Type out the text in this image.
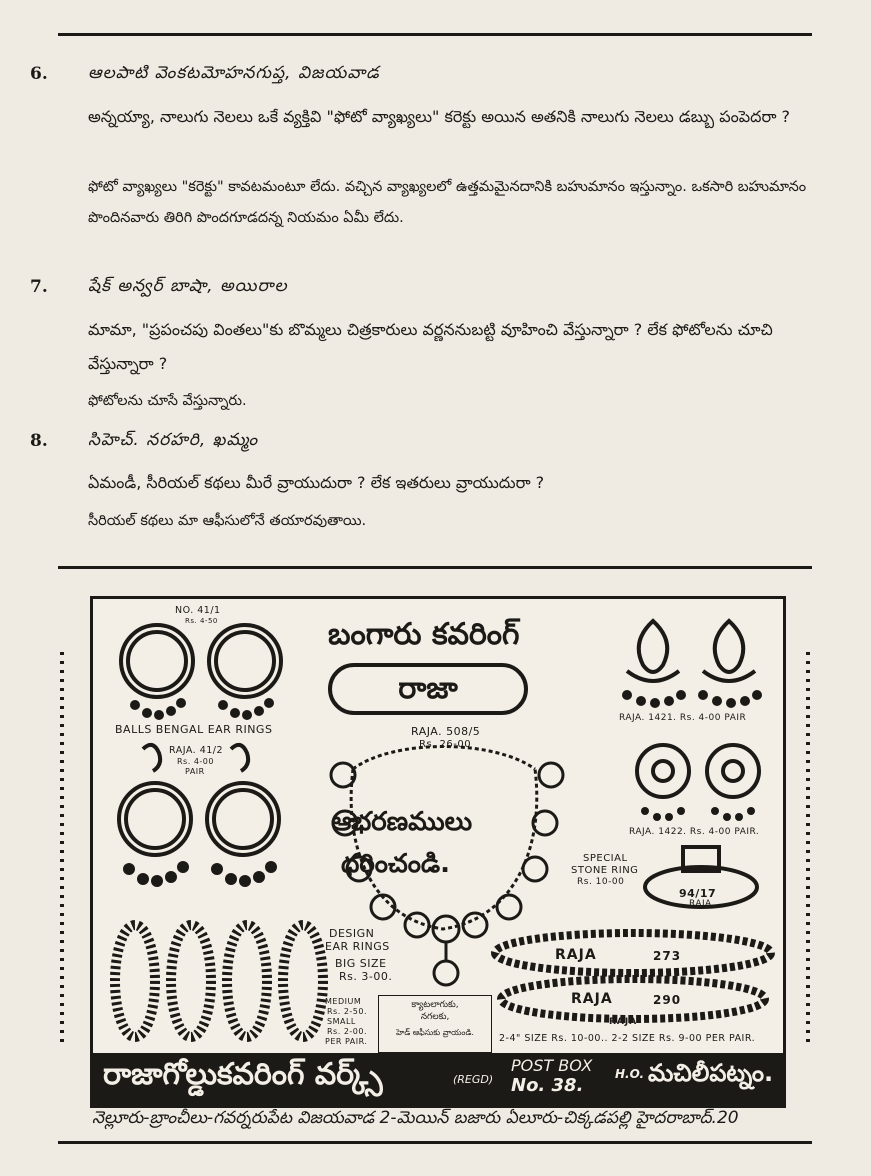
6. ఆలపాటి వెంకటమోహనగుప్త, విజయవాడ
అన్నయ్యా, నాలుగు నెలలు ఒకే వ్యక్తివి "ఫోటో వ్యాఖ్యలు" కరెక్టు అయిన అతనికి నాలుగు నెలలు డబ్బు పంపెదరా ?
ఫోటో వ్యాఖ్యలు "కరెక్టు" కావటమంటూ లేదు. వచ్చిన వ్యాఖ్యలలో ఉత్తమమైనదానికి బహుమానం ఇస్తున్నాం. ఒకసారి బహుమానం పొందినవారు తిరిగి పొందగూడదన్న నియమం ఏమీ లేదు.
7. షేక్ అన్వర్ బాషా, అయిరాల
మామా, "ప్రపంచపు వింతలు"కు బొమ్మలు చిత్రకారులు వర్ణననుబట్టి వూహించి వేస్తున్నారా ? లేక ఫోటోలను చూచి వేస్తున్నారా ?
ఫోటోలను చూసే వేస్తున్నారు.
8. సిహెచ్. నరహరి, ఖమ్మం
ఏమండీ, సీరియల్ కథలు మీరే వ్రాయుదురా ? లేక ఇతరులు వ్రాయుదురా ?
సీరియల్ కథలు మా ఆఫీసులోనే తయారవుతాయి.
NO. 41/1
Rs. 4-50
BALLS BENGAL EAR RINGS
RAJA. 41/2
Rs. 4-00
PAIR
DESIGN
EAR RINGS
BIG SIZE
Rs. 3-00.
MEDIUM
Rs. 2-50.
SMALL
Rs. 2-00.
PER PAIR.
క్యాటలాగుకు,
నగలకు,
హెడ్ ఆఫీసుకు వ్రాయండి.
బంగారు కవరింగ్
రాజా
RAJA. 508/5
Rs. 26-00
ఆభరణములు
ధరించండి.
RAJA. 1421. Rs. 4-00 PAIR
RAJA. 1422. Rs. 4-00 PAIR.
SPECIAL
STONE RING
Rs. 10-00
94/17
RAJA
RAJA	273
RAJA	290
RAJA
2-4" SIZE Rs. 10-00.. 2-2 SIZE Rs. 9-00 PER PAIR.
రాజాగోల్డుకవరింగ్ వర్క్స్	(REGD)
POST BOX
No. 38.
H.O. మచిలీపట్నం.
నెల్లూరు-బ్రాంచీలు-గవర్నరుపేట విజయవాడ 2-మెయిన్ బజారు ఏలూరు-చిక్కడపల్లి హైదరాబాద్.20
